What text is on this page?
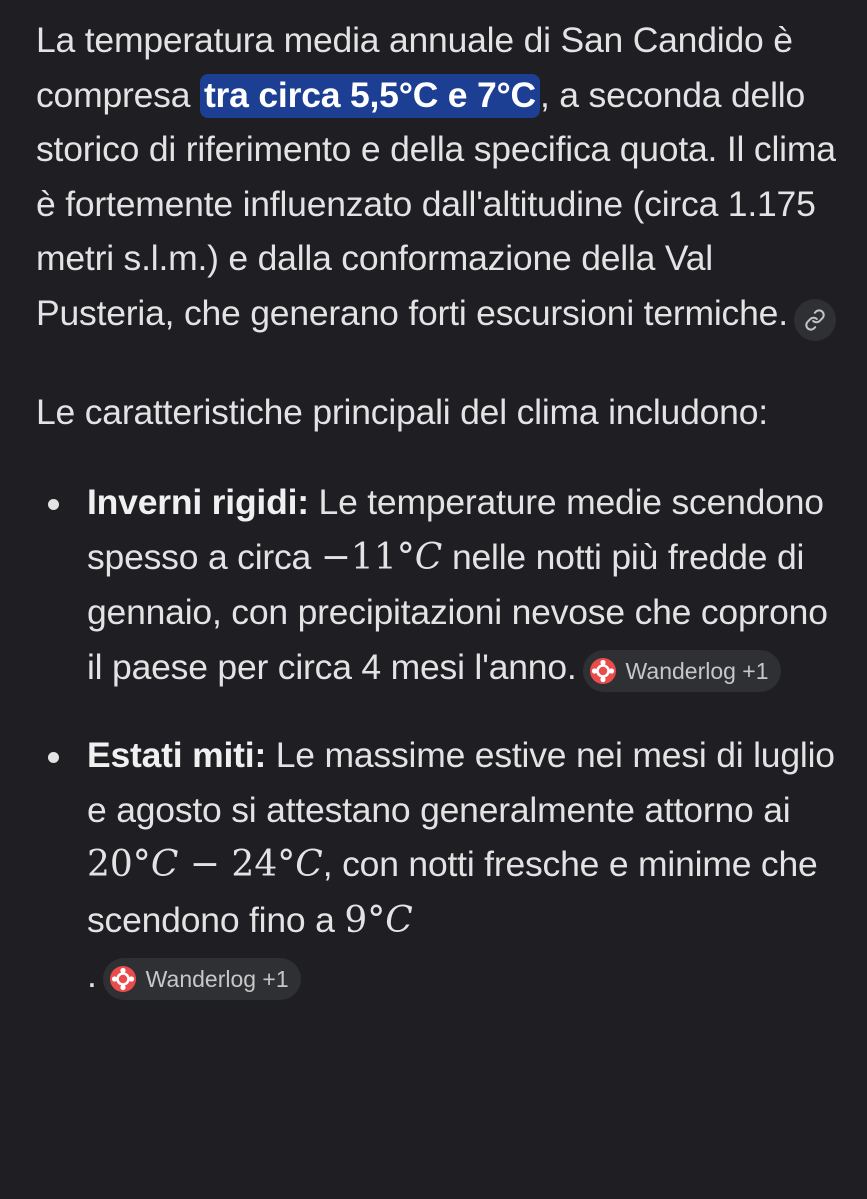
La temperatura media annuale di San Candido è compresa tra circa 5,5°C e 7°C , a seconda dello storico di riferimento e della specifica quota. Il clima è fortemente influenzato dall'altitudine (circa 1.175 metri s.l.m.) e dalla conformazione della Val Pusteria, che generano forti escursioni termiche.

Le caratteristiche principali del clima includono:

Inverni rigidi: Le temperature medie scendono spesso a circa −11°C nelle notti più fredde di gennaio, con precipitazioni nevose che coprono il paese per circa 4 mesi l'anno. Wanderlog +1
Estati miti: Le massime estive nei mesi di luglio e agosto si attestano generalmente attorno ai 20°C − 24°C, con notti fresche e minime che scendono fino a 9°C
. Wanderlog +1
